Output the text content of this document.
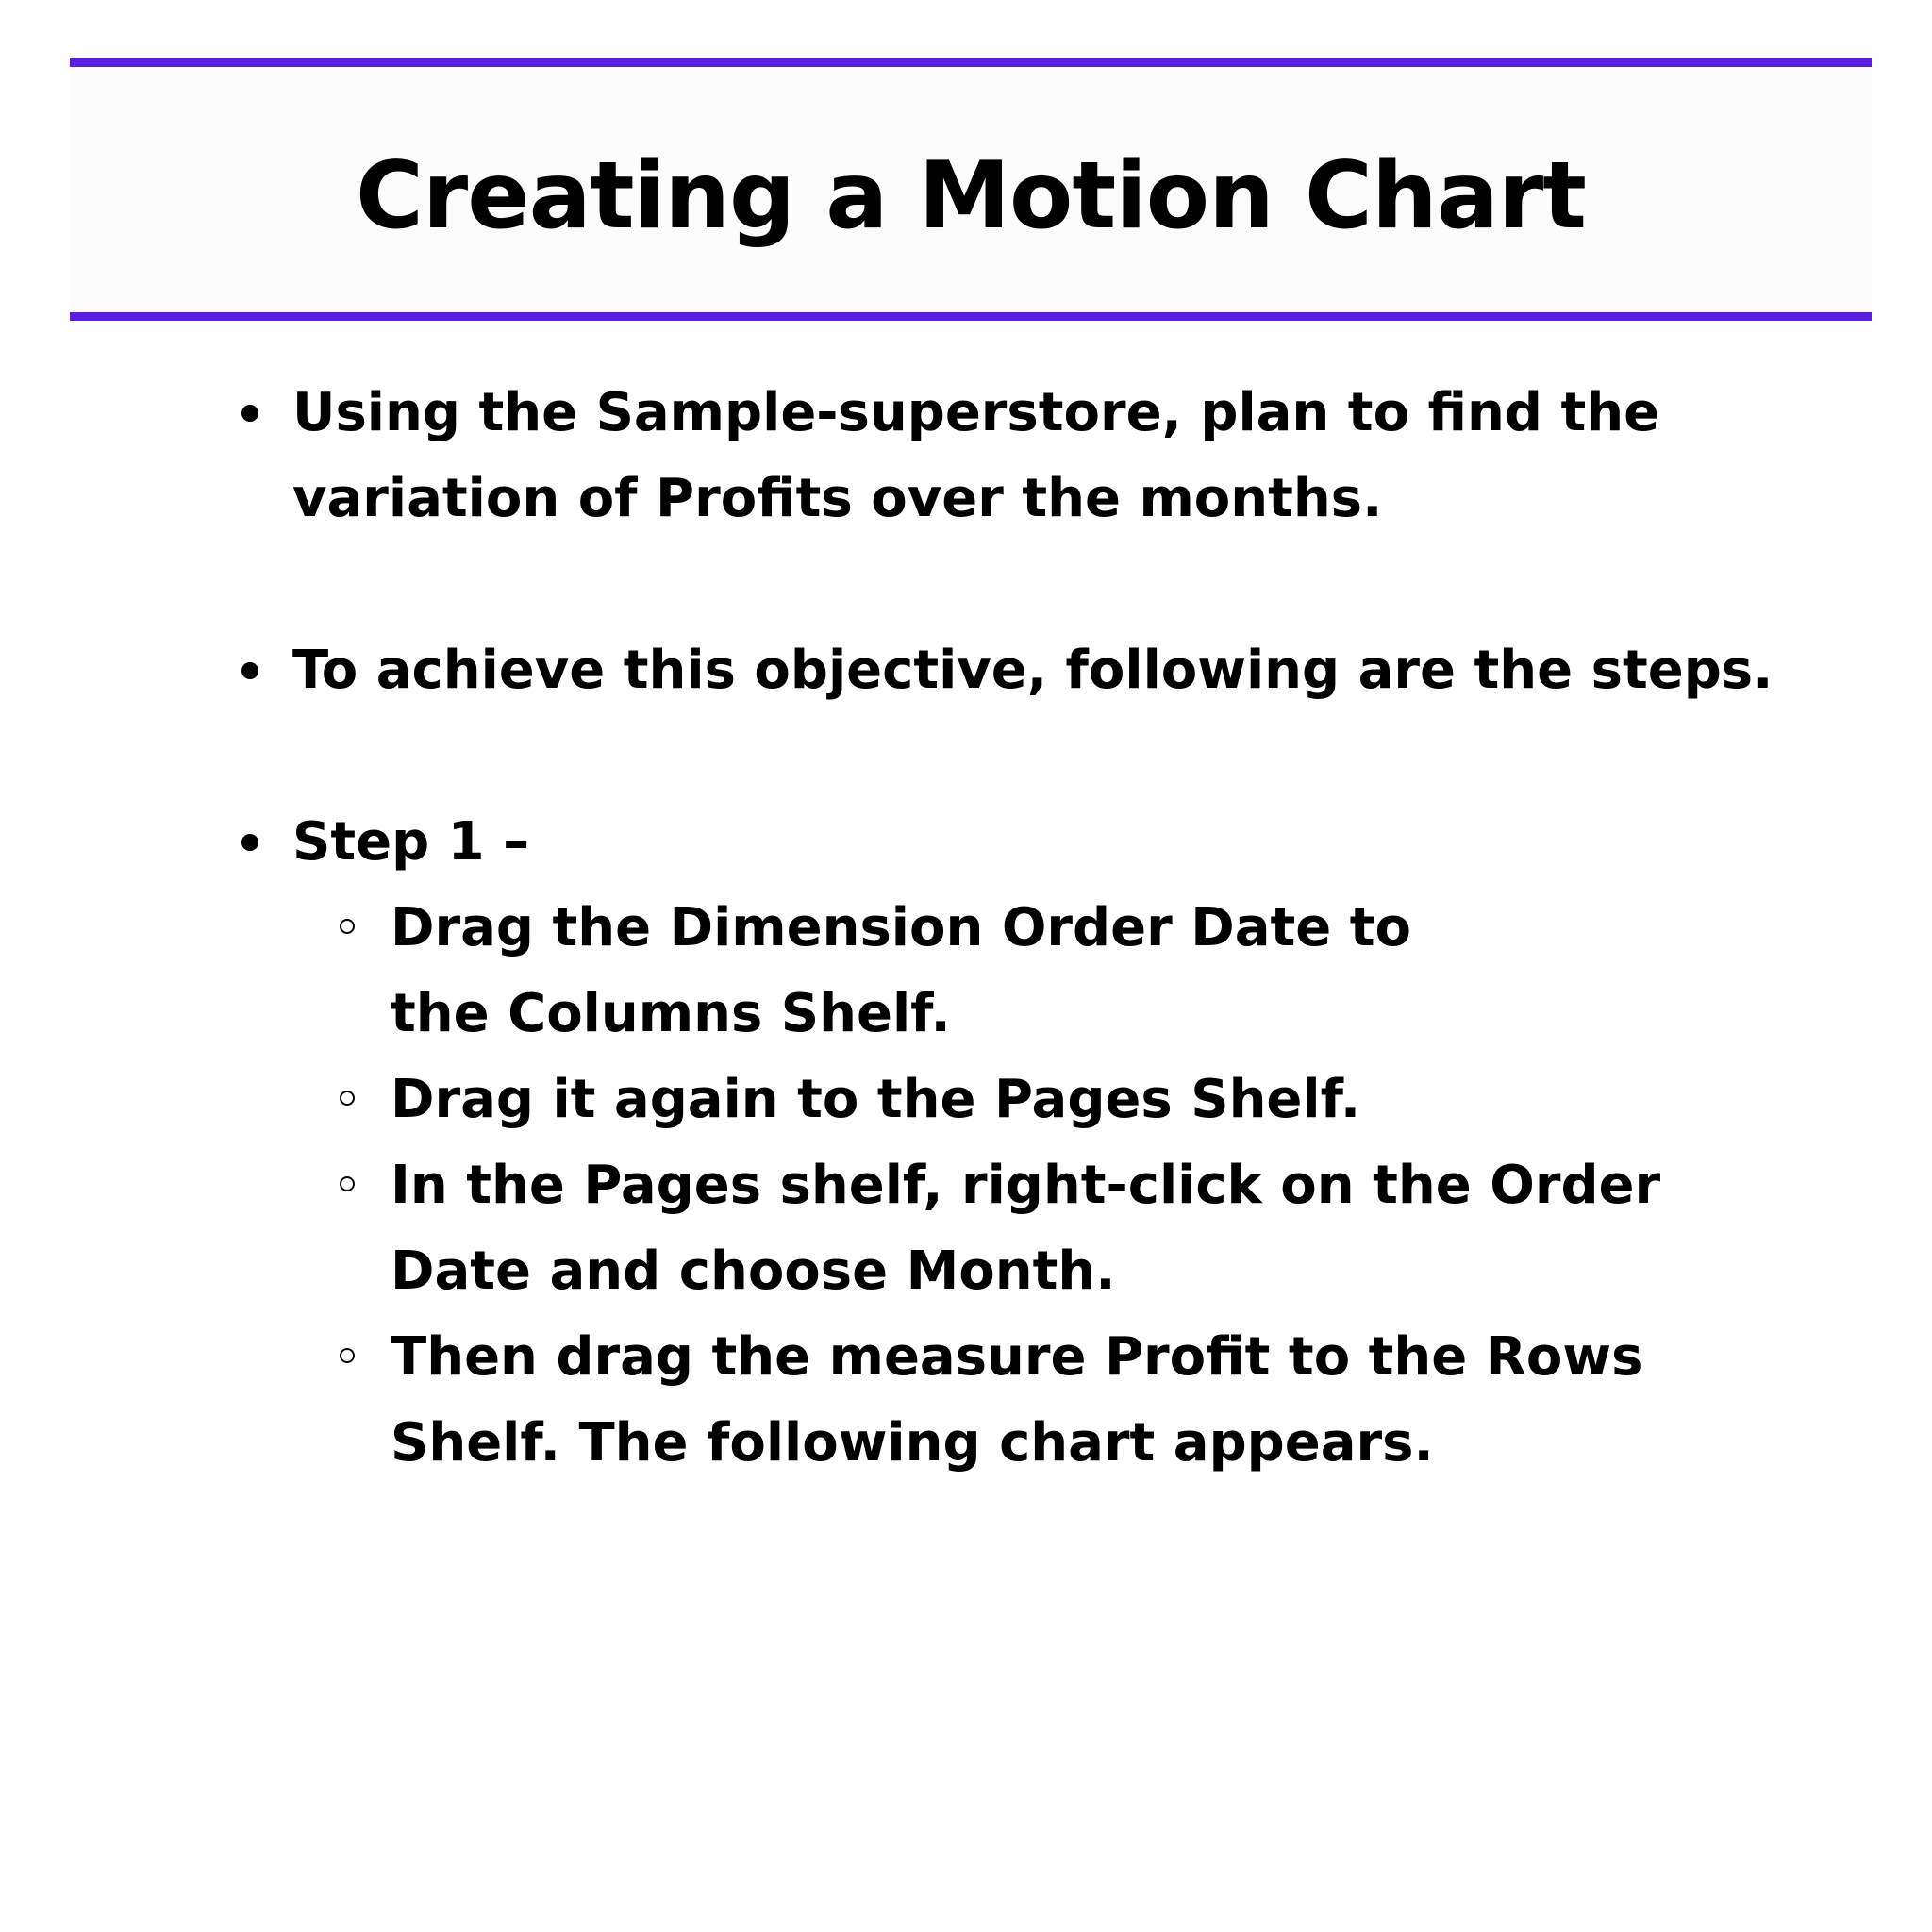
Creating a Motion Chart
Using the Sample-superstore, plan to find the variation of Profits over the months.
To achieve this objective, following are the steps.
Step 1 –
Drag the Dimension Order Date to the Columns Shelf.
Drag it again to the Pages Shelf.
In the Pages shelf, right-click on the Order Date and choose Month.
Then drag the measure Profit to the Rows Shelf. The following chart appears.
